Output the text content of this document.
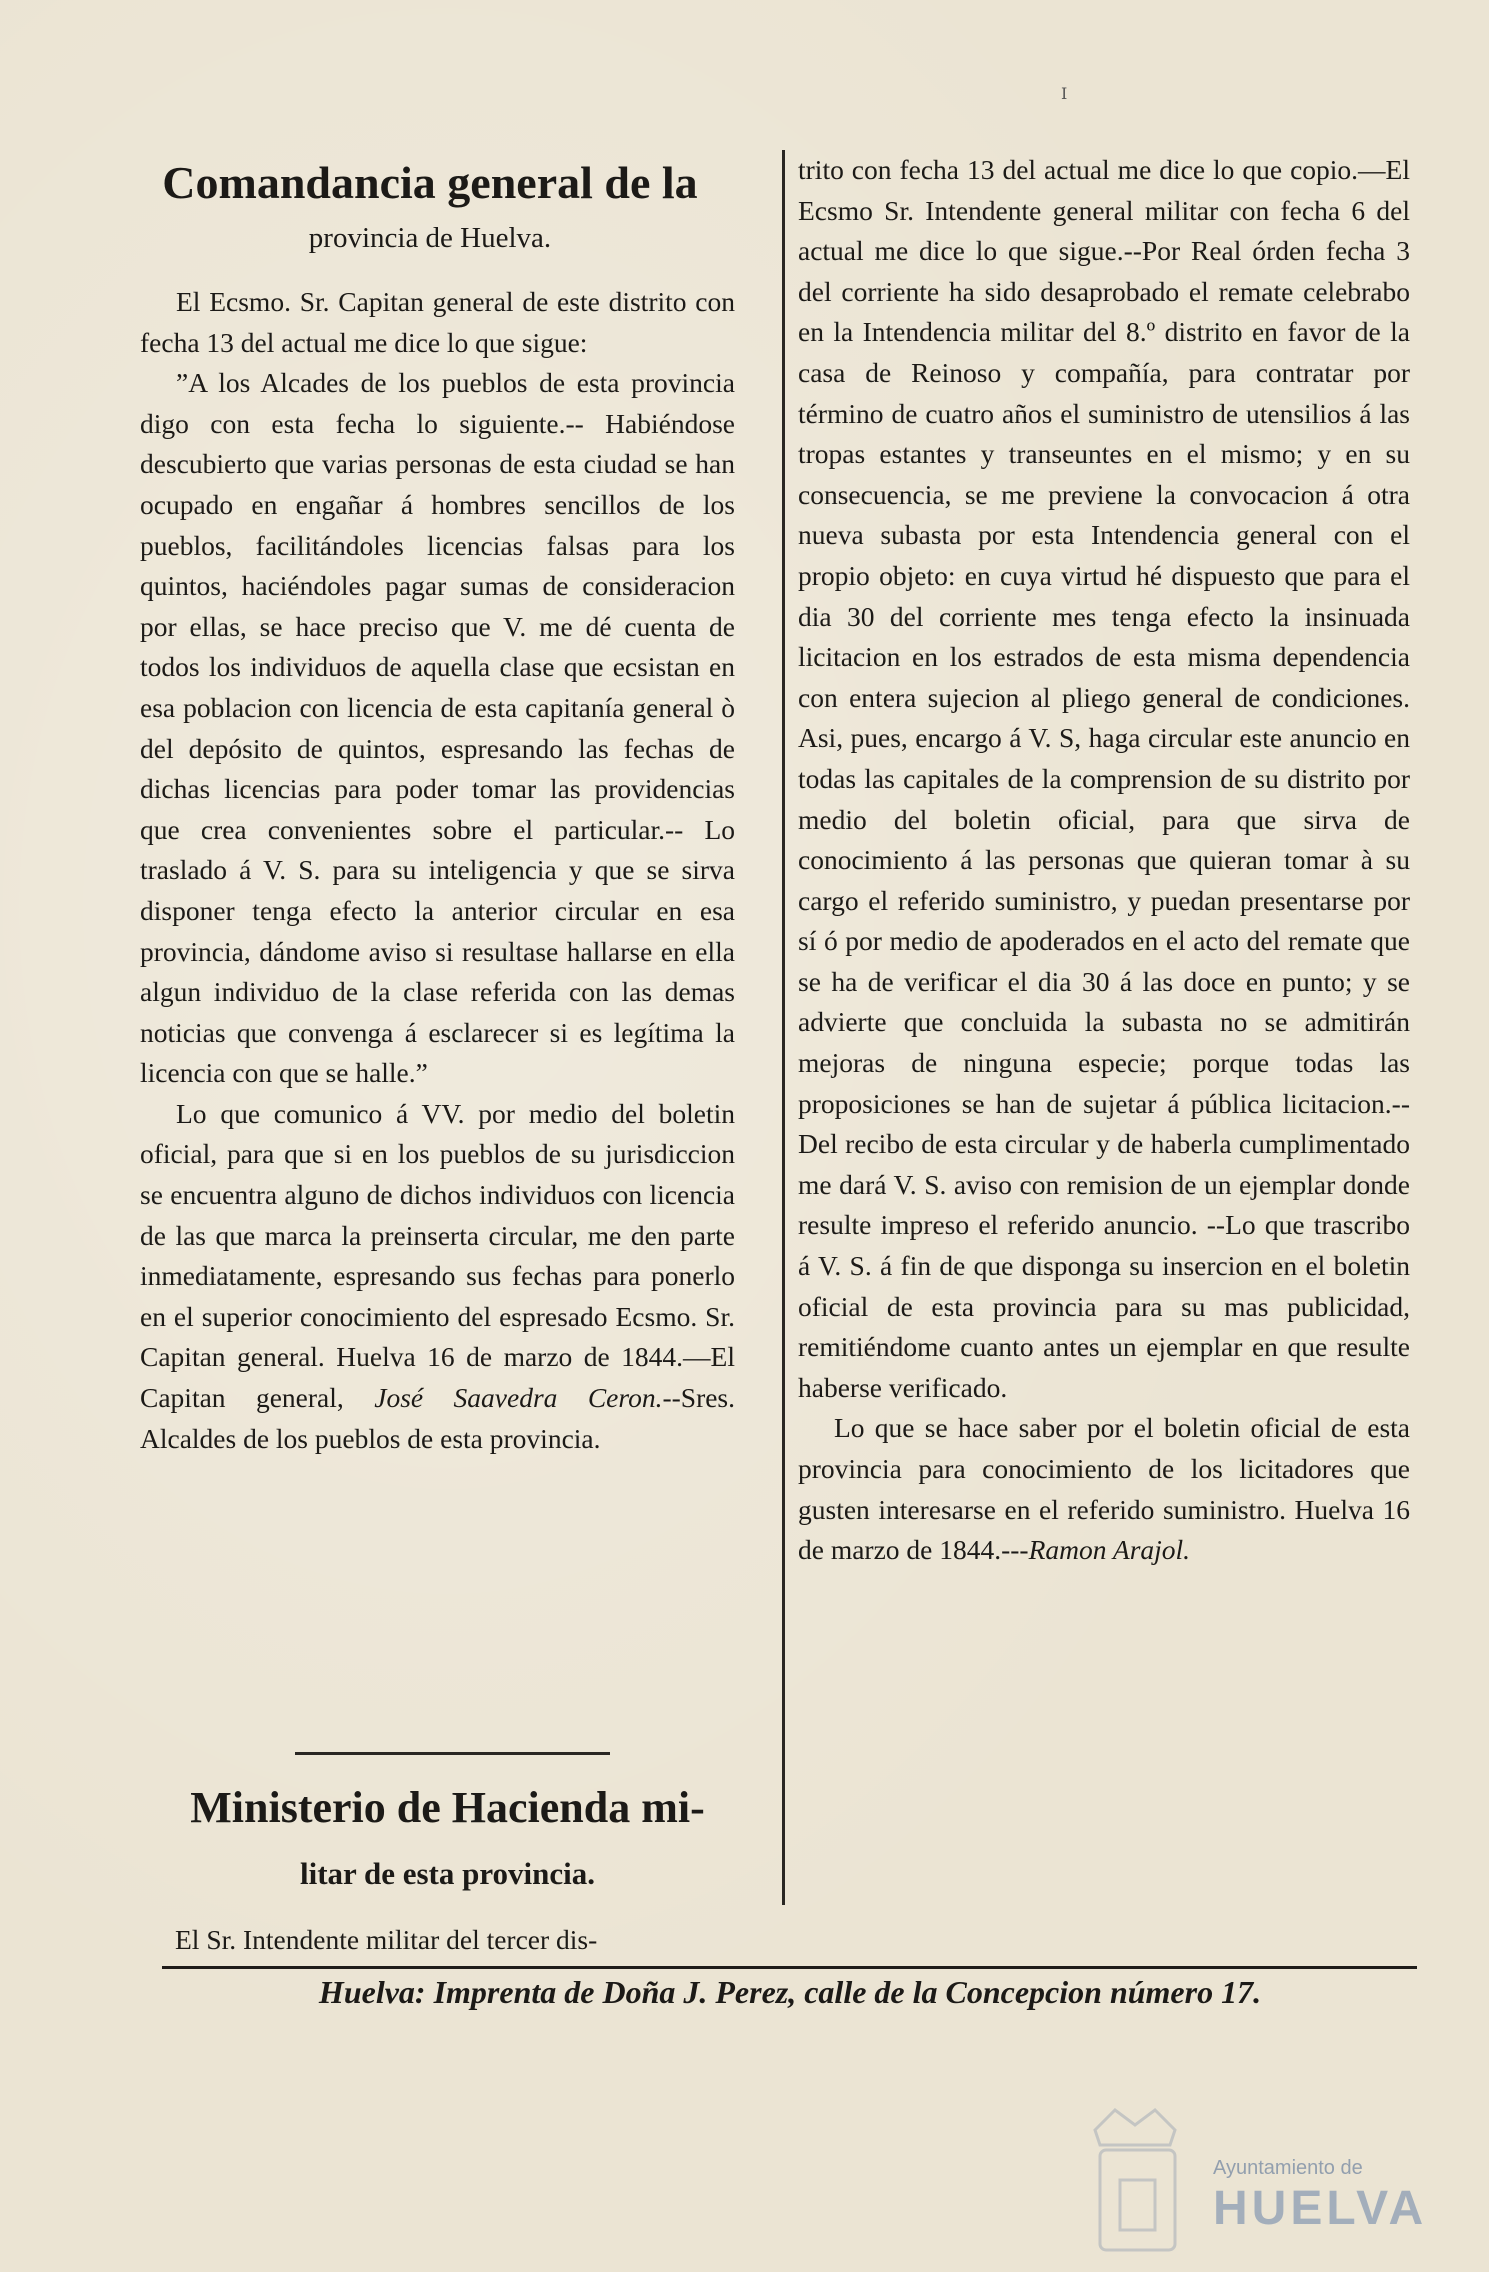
I
Comandancia general de la
provincia de Huelva.

El Ecsmo. Sr. Capitan general de este distrito con fecha 13 del actual me dice lo que sigue:

”A los Alcades de los pueblos de esta provincia digo con esta fecha lo siguiente.-- Habiéndose descubierto que varias personas de esta ciudad se han ocupado en engañar á hombres sencillos de los pueblos, facilitándoles licencias falsas para los quintos, haciéndoles pagar sumas de consideracion por ellas, se hace preciso que V. me dé cuenta de todos los individuos de aquella clase que ecsistan en esa poblacion con licencia de esta capitanía general ò del depósito de quintos, espresando las fechas de dichas licencias para poder tomar las providencias que crea convenientes sobre el particular.-- Lo traslado á V. S. para su inteligencia y que se sirva disponer tenga efecto la anterior circular en esa provincia, dándome aviso si resultase hallarse en ella algun individuo de la clase referida con las demas noticias que convenga á esclarecer si es legítima la licencia con que se halle.”

Lo que comunico á VV. por medio del boletin oficial, para que si en los pueblos de su jurisdiccion se encuentra alguno de dichos individuos con licencia de las que marca la preinserta circular, me den parte inmediatamente, espresando sus fechas para ponerlo en el superior conocimiento del espresado Ecsmo. Sr. Capitan general. Huelva 16 de marzo de 1844.—El Capitan general, José Saavedra Ceron.--Sres. Alcaldes de los pueblos de esta provincia.

Ministerio de Hacienda mi-
litar de esta provincia.
El Sr. Intendente militar del tercer dis-

trito con fecha 13 del actual me dice lo que copio.—El Ecsmo Sr. Intendente general militar con fecha 6 del actual me dice lo que sigue.--Por Real órden fecha 3 del corriente ha sido desaprobado el remate celebrabo en la Intendencia militar del 8.º distrito en favor de la casa de Reinoso y compañía, para contratar por término de cuatro años el suministro de utensilios á las tropas estantes y transeuntes en el mismo; y en su consecuencia, se me previene la convocacion á otra nueva subasta por esta Intendencia general con el propio objeto: en cuya virtud hé dispuesto que para el dia 30 del corriente mes tenga efecto la insinuada licitacion en los estrados de esta misma dependencia con entera sujecion al pliego general de condiciones. Asi, pues, encargo á V. S, haga circular este anuncio en todas las capitales de la comprension de su distrito por medio del boletin oficial, para que sirva de conocimiento á las personas que quieran tomar à su cargo el referido suministro, y puedan presentarse por sí ó por medio de apoderados en el acto del remate que se ha de verificar el dia 30 á las doce en punto; y se advierte que concluida la subasta no se admitirán mejoras de ninguna especie; porque todas las proposiciones se han de sujetar á pública licitacion.--Del recibo de esta circular y de haberla cumplimentado me dará V. S. aviso con remision de un ejemplar donde resulte impreso el referido anuncio. --Lo que trascribo á V. S. á fin de que disponga su insercion en el boletin oficial de esta provincia para su mas publicidad, remitiéndome cuanto antes un ejemplar en que resulte haberse verificado.

Lo que se hace saber por el boletin oficial de esta provincia para conocimiento de los licitadores que gusten interesarse en el referido suministro. Huelva 16 de marzo de 1844.---Ramon Arajol.

Huelva: Imprenta de Doña J. Perez, calle de la Concepcion número 17.
Ayuntamiento de
HUELVA
